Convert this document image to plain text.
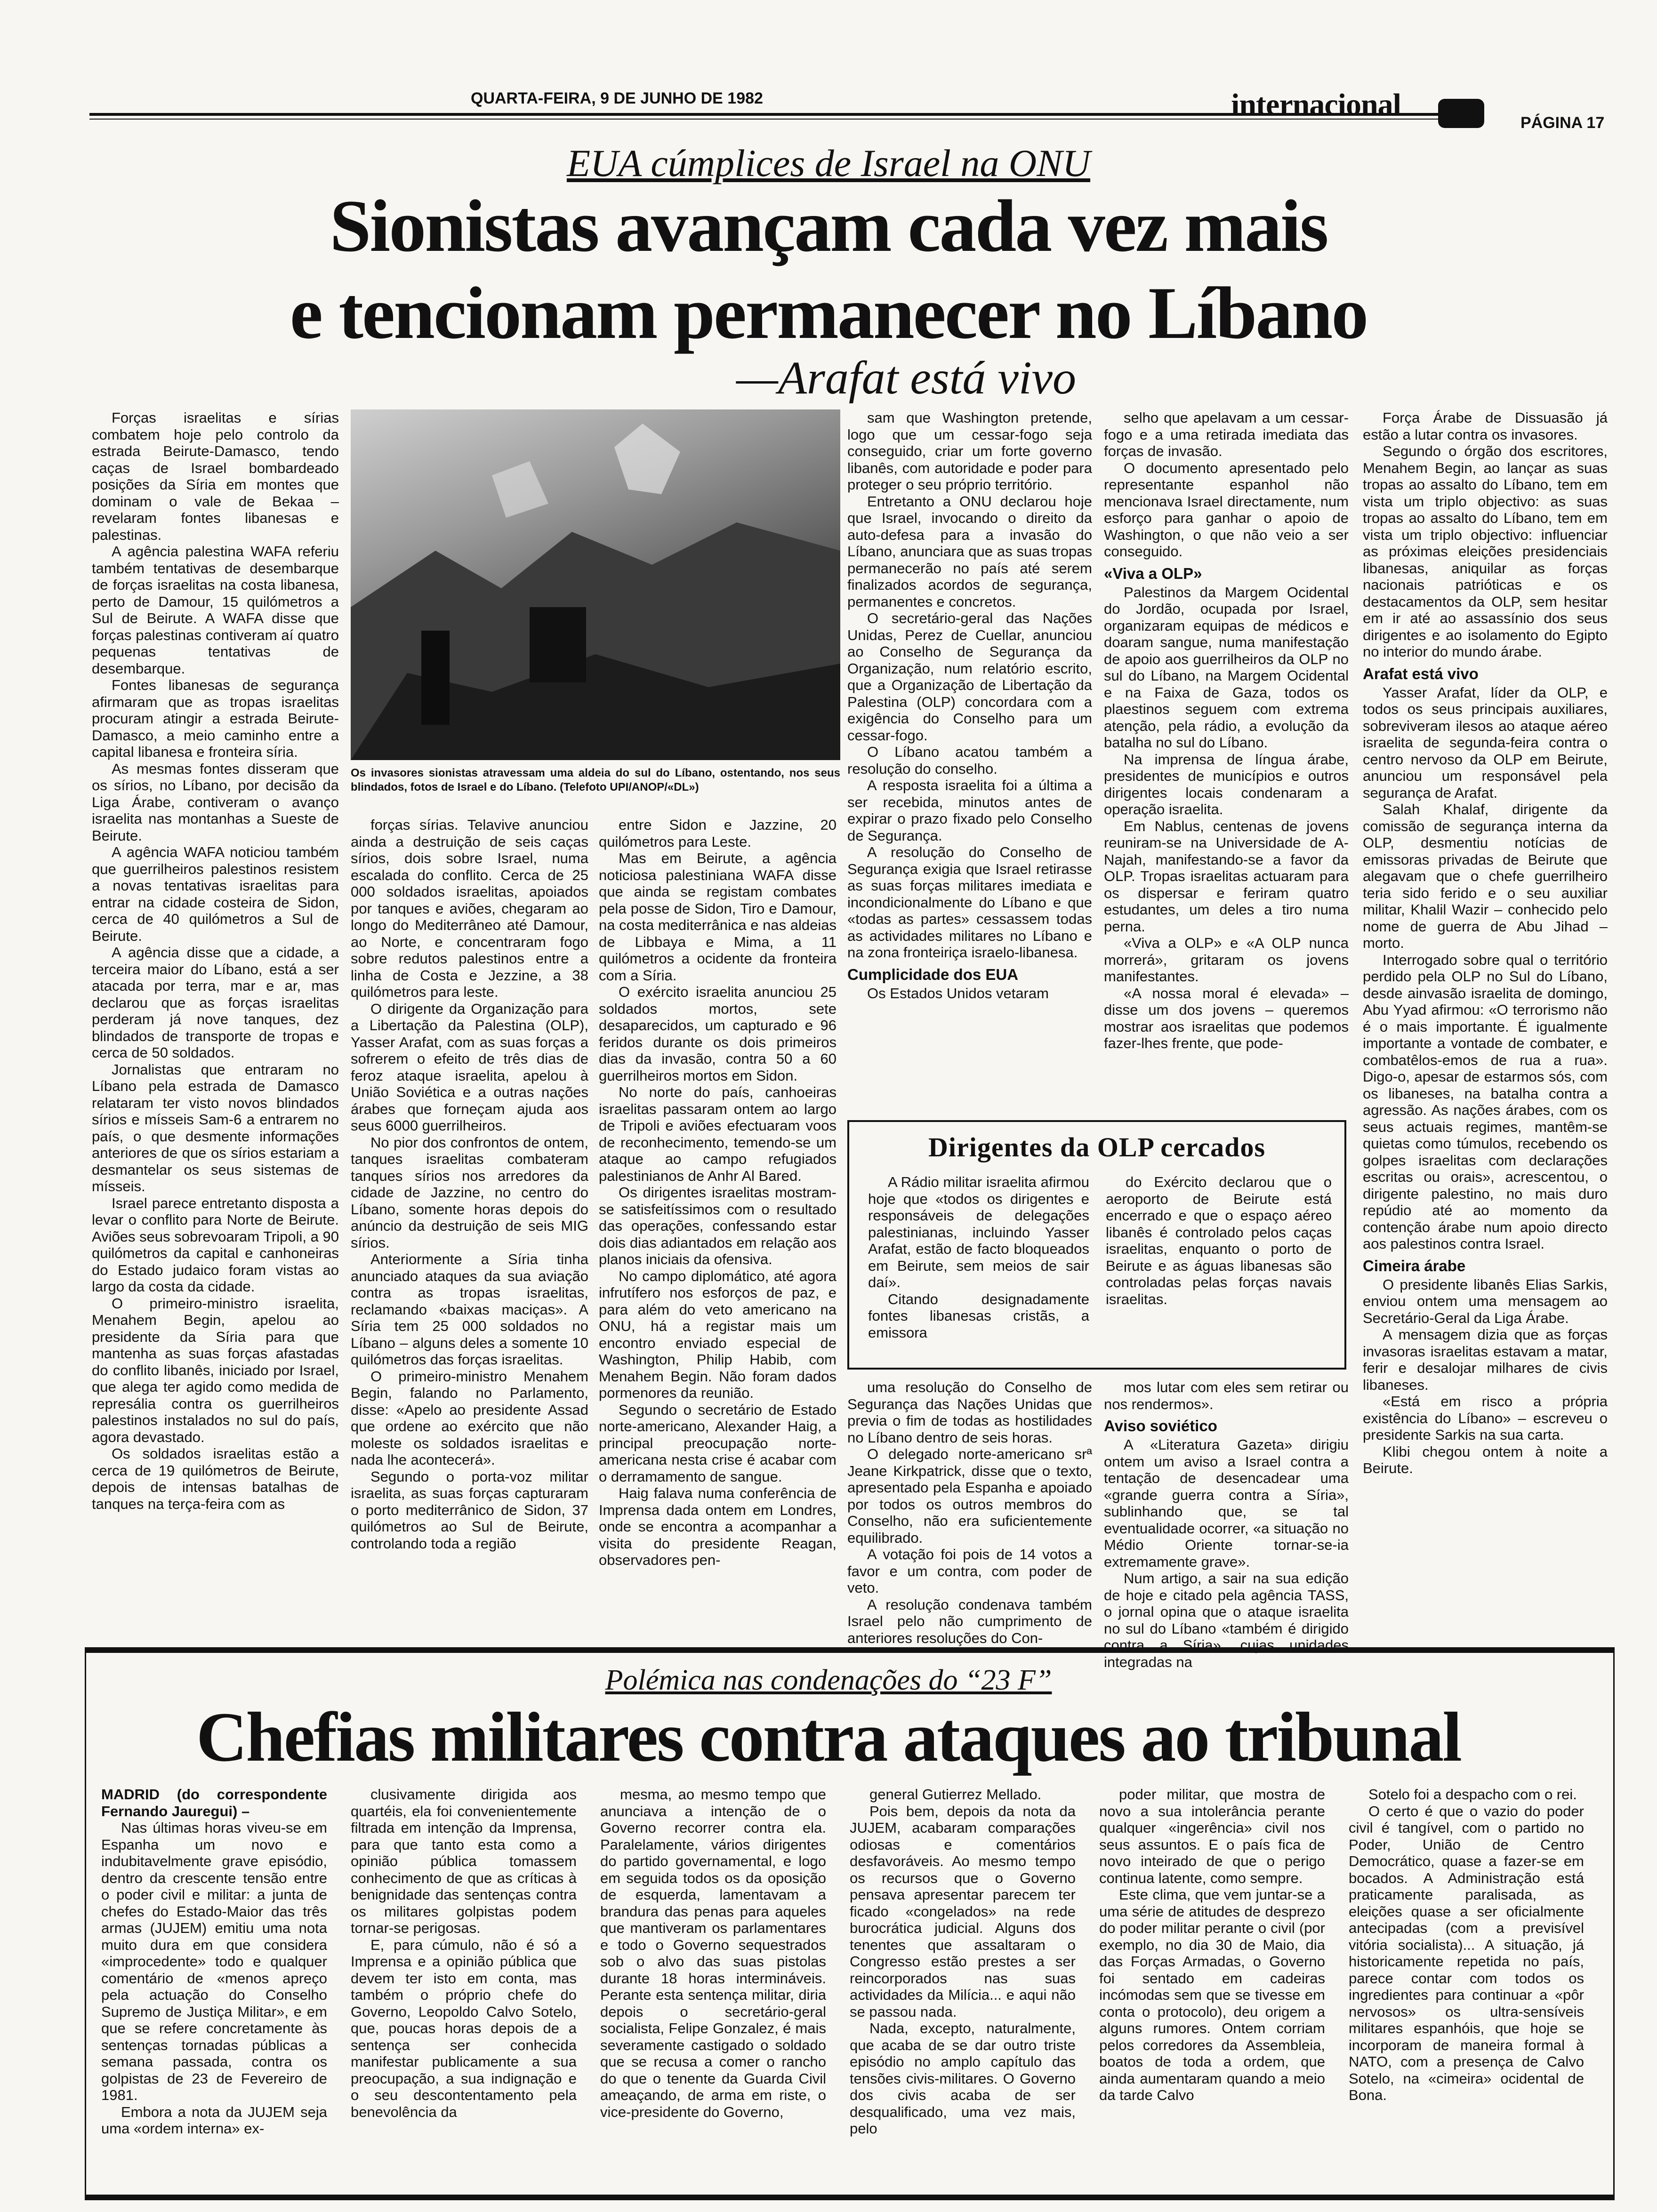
QUARTA-FEIRA, 9 DE JUNHO DE 1982	internacional
PÁGINA 17
EUA cúmplices de Israel na ONU
Sionistas avançam cada vez mais
e tencionam permanecer no Líbano
—Arafat está vivo
Os invasores sionistas atravessam uma aldeia do sul do Líbano, ostentando, nos seus blindados, fotos de Israel e do Líbano. (Telefoto UPI/ANOP/«DL»)

Forças israelitas e sírias combatem hoje pelo controlo da estrada Beirute-Damasco, tendo caças de Israel bombardeado posições da Síria em montes que dominam o vale de Bekaa – revelaram fontes libanesas e palestinas.

A agência palestina WAFA referiu também tentativas de desembarque de forças israelitas na costa libanesa, perto de Damour, 15 quilómetros a Sul de Beirute. A WAFA disse que forças palestinas contiveram aí quatro pequenas tentativas de desembarque.

Fontes libanesas de segurança afirmaram que as tropas israelitas procuram atingir a estrada Beirute-Damasco, a meio caminho entre a capital libanesa e fronteira síria.

As mesmas fontes disseram que os sírios, no Líbano, por decisão da Liga Árabe, contiveram o avanço israelita nas montanhas a Sueste de Beirute.

A agência WAFA noticiou também que guerrilheiros palestinos resistem a novas tentativas israelitas para entrar na cidade costeira de Sidon, cerca de 40 quilómetros a Sul de Beirute.

A agência disse que a cidade, a terceira maior do Líbano, está a ser atacada por terra, mar e ar, mas declarou que as forças israelitas perderam já nove tanques, dez blindados de transporte de tropas e cerca de 50 soldados.

Jornalistas que entraram no Líbano pela estrada de Damasco relataram ter visto novos blindados sírios e mísseis Sam-6 a entrarem no país, o que desmente informações anteriores de que os sírios estariam a desmantelar os seus sistemas de mísseis.

Israel parece entretanto disposta a levar o conflito para Norte de Beirute. Aviões seus sobrevoaram Tripoli, a 90 quilómetros da capital e canhoneiras do Estado judaico foram vistas ao largo da costa da cidade.

O primeiro-ministro israelita, Menahem Begin, apelou ao presidente da Síria para que mantenha as suas forças afastadas do conflito libanês, iniciado por Israel, que alega ter agido como medida de represália contra os guerrilheiros palestinos instalados no sul do país, agora devastado.

Os soldados israelitas estão a cerca de 19 quilómetros de Beirute, depois de intensas batalhas de tanques na terça-feira com as

forças sírias. Telavive anunciou ainda a destruição de seis caças sírios, dois sobre Israel, numa escalada do conflito. Cerca de 25 000 soldados israelitas, apoiados por tanques e aviões, chegaram ao longo do Mediterrâneo até Damour, ao Norte, e concentraram fogo sobre redutos palestinos entre a linha de Costa e Jezzine, a 38 quilómetros para leste.

O dirigente da Organização para a Libertação da Palestina (OLP), Yasser Arafat, com as suas forças a sofrerem o efeito de três dias de feroz ataque israelita, apelou à União Soviética e a outras nações árabes que forneçam ajuda aos seus 6000 guerrilheiros.

No pior dos confrontos de ontem, tanques israelitas combateram tanques sírios nos arredores da cidade de Jazzine, no centro do Líbano, somente horas depois do anúncio da destruição de seis MIG sírios.

Anteriormente a Síria tinha anunciado ataques da sua aviação contra as tropas israelitas, reclamando «baixas maciças». A Síria tem 25 000 soldados no Líbano – alguns deles a somente 10 quilómetros das forças israelitas.

O primeiro-ministro Menahem Begin, falando no Parlamento, disse: «Apelo ao presidente Assad que ordene ao exército que não moleste os soldados israelitas e nada lhe acontecerá».

Segundo o porta-voz militar israelita, as suas forças capturaram o porto mediterrânico de Sidon, 37 quilómetros ao Sul de Beirute, controlando toda a região

entre Sidon e Jazzine, 20 quilómetros para Leste.

Mas em Beirute, a agência noticiosa palestiniana WAFA disse que ainda se registam combates pela posse de Sidon, Tiro e Damour, na costa mediterrânica e nas aldeias de Libbaya e Mima, a 11 quilómetros a ocidente da fronteira com a Síria.

O exército israelita anunciou 25 soldados mortos, sete desaparecidos, um capturado e 96 feridos durante os dois primeiros dias da invasão, contra 50 a 60 guerrilheiros mortos em Sidon.

No norte do país, canhoeiras israelitas passaram ontem ao largo de Tripoli e aviões efectuaram voos de reconhecimento, temendo-se um ataque ao campo refugiados palestinianos de Anhr Al Bared.

Os dirigentes israelitas mostram-se satisfeitíssimos com o resultado das operações, confessando estar dois dias adiantados em relação aos planos iniciais da ofensiva.

No campo diplomático, até agora infrutífero nos esforços de paz, e para além do veto americano na ONU, há a registar mais um encontro enviado especial de Washington, Philip Habib, com Menahem Begin. Não foram dados pormenores da reunião.

Segundo o secretário de Estado norte-americano, Alexander Haig, a principal preocupação norte-americana nesta crise é acabar com o derramamento de sangue.

Haig falava numa conferência de Imprensa dada ontem em Londres, onde se encontra a acompanhar a visita do presidente Reagan, observadores pen-

sam que Washington pretende, logo que um cessar-fogo seja conseguido, criar um forte governo libanês, com autoridade e poder para proteger o seu próprio território.

Entretanto a ONU declarou hoje que Israel, invocando o direito da auto-defesa para a invasão do Líbano, anunciara que as suas tropas permanecerão no país até serem finalizados acordos de segurança, permanentes e concretos.

O secretário-geral das Nações Unidas, Perez de Cuellar, anunciou ao Conselho de Segurança da Organização, num relatório escrito, que a Organização de Libertação da Palestina (OLP) concordara com a exigência do Conselho para um cessar-fogo.

O Líbano acatou também a resolução do conselho.

A resposta israelita foi a última a ser recebida, minutos antes de expirar o prazo fixado pelo Conselho de Segurança.

A resolução do Conselho de Segurança exigia que Israel retirasse as suas forças militares imediata e incondicionalmente do Líbano e que «todas as partes» cessassem todas as actividades militares no Líbano e na zona fronteiriça israelo-libanesa.

Cumplicidade dos EUA

Os Estados Unidos vetaram

selho que apelavam a um cessar-fogo e a uma retirada imediata das forças de invasão.

O documento apresentado pelo representante espanhol não mencionava Israel directamente, num esforço para ganhar o apoio de Washington, o que não veio a ser conseguido.

«Viva a OLP»

Palestinos da Margem Ocidental do Jordão, ocupada por Israel, organizaram equipas de médicos e doaram sangue, numa manifestação de apoio aos guerrilheiros da OLP no sul do Líbano, na Margem Ocidental e na Faixa de Gaza, todos os plaestinos seguem com extrema atenção, pela rádio, a evolução da batalha no sul do Líbano.

Na imprensa de língua árabe, presidentes de municípios e outros dirigentes locais condenaram a operação israelita.

Em Nablus, centenas de jovens reuniram-se na Universidade de A-Najah, manifestando-se a favor da OLP. Tropas israelitas actuaram para os dispersar e feriram quatro estudantes, um deles a tiro numa perna.

«Viva a OLP» e «A OLP nunca morrerá», gritaram os jovens manifestantes.

«A nossa moral é elevada» – disse um dos jovens – queremos mostrar aos israelitas que podemos fazer-lhes frente, que pode-

Dirigentes da OLP cercados

A Rádio militar israelita afirmou hoje que «todos os dirigentes e responsáveis de delegações palestinianas, incluindo Yasser Arafat, estão de facto bloqueados em Beirute, sem meios de sair daí».

Citando designadamente fontes libanesas cristãs, a emissora

do Exército declarou que o aeroporto de Beirute está encerrado e que o espaço aéreo libanês é controlado pelos caças israelitas, enquanto o porto de Beirute e as águas libanesas são controladas pelas forças navais israelitas.

uma resolução do Conselho de Segurança das Nações Unidas que previa o fim de todas as hostilidades no Líbano dentro de seis horas.

O delegado norte-americano srª Jeane Kirkpatrick, disse que o texto, apresentado pela Espanha e apoiado por todos os outros membros do Conselho, não era suficientemente equilibrado.

A votação foi pois de 14 votos a favor e um contra, com poder de veto.

A resolução condenava também Israel pelo não cumprimento de anteriores resoluções do Con-

mos lutar com eles sem retirar ou nos rendermos».

Aviso soviético

A «Literatura Gazeta» dirigiu ontem um aviso a Israel contra a tentação de desencadear uma «grande guerra contra a Síria», sublinhando que, se tal eventualidade ocorrer, «a situação no Médio Oriente tornar-se-ia extremamente grave».

Num artigo, a sair na sua edição de hoje e citado pela agência TASS, o jornal opina que o ataque israelita no sul do Líbano «também é dirigido contra a Síria», cujas unidades integradas na

Força Árabe de Dissuasão já estão a lutar contra os invasores.

Segundo o órgão dos escritores, Menahem Begin, ao lançar as suas tropas ao assalto do Líbano, tem em vista um triplo objectivo: as suas tropas ao assalto do Líbano, tem em vista um triplo objectivo: influenciar as próximas eleições presidenciais libanesas, aniquilar as forças nacionais patrióticas e os destacamentos da OLP, sem hesitar em ir até ao assassínio dos seus dirigentes e ao isolamento do Egipto no interior do mundo árabe.

Arafat está vivo

Yasser Arafat, líder da OLP, e todos os seus principais auxiliares, sobreviveram ilesos ao ataque aéreo israelita de segunda-feira contra o centro nervoso da OLP em Beirute, anunciou um responsável pela segurança de Arafat.

Salah Khalaf, dirigente da comissão de segurança interna da OLP, desmentiu notícias de emissoras privadas de Beirute que alegavam que o chefe guerrilheiro teria sido ferido e o seu auxiliar militar, Khalil Wazir – conhecido pelo nome de guerra de Abu Jihad – morto.

Interrogado sobre qual o território perdido pela OLP no Sul do Líbano, desde ainvasão israelita de domingo, Abu Yyad afirmou: «O terrorismo não é o mais importante. É igualmente importante a vontade de combater, e combatêlos-emos de rua a rua». Digo-o, apesar de estarmos sós, com os libaneses, na batalha contra a agressão. As nações árabes, com os seus actuais regimes, mantêm-se quietas como túmulos, recebendo os golpes israelitas com declarações escritas ou orais», acrescentou, o dirigente palestino, no mais duro repúdio até ao momento da contenção árabe num apoio directo aos palestinos contra Israel.

Cimeira árabe

O presidente libanês Elias Sarkis, enviou ontem uma mensagem ao Secretário-Geral da Liga Árabe.

A mensagem dizia que as forças invasoras israelitas estavam a matar, ferir e desalojar milhares de civis libaneses.

«Está em risco a própria existência do Líbano» – escreveu o presidente Sarkis na sua carta.

Klibi chegou ontem à noite a Beirute.

Polémica nas condenações do “23 F”
Chefias militares contra ataques ao tribunal
MADRID (do correspondente Fernando Jauregui) –

Nas últimas horas viveu-se em Espanha um novo e indubitavelmente grave episódio, dentro da crescente tensão entre o poder civil e militar: a junta de chefes do Estado-Maior das três armas (JUJEM) emitiu uma nota muito dura em que considera «improcedente» todo e qualquer comentário de «menos apreço pela actuação do Conselho Supremo de Justiça Militar», e em que se refere concretamente às sentenças tornadas públicas a semana passada, contra os golpistas de 23 de Fevereiro de 1981.

Embora a nota da JUJEM seja uma «ordem interna» ex-

clusivamente dirigida aos quartéis, ela foi convenientemente filtrada em intenção da Imprensa, para que tanto esta como a opinião pública tomassem conhecimento de que as críticas à benignidade das sentenças contra os militares golpistas podem tornar-se perigosas.

E, para cúmulo, não é só a Imprensa e a opinião pública que devem ter isto em conta, mas também o próprio chefe do Governo, Leopoldo Calvo Sotelo, que, poucas horas depois de a sentença ser conhecida manifestar publicamente a sua preocupação, a sua indignação e o seu descontentamento pela benevolência da

mesma, ao mesmo tempo que anunciava a intenção de o Governo recorrer contra ela. Paralelamente, vários dirigentes do partido governamental, e logo em seguida todos os da oposição de esquerda, lamentavam a brandura das penas para aqueles que mantiveram os parlamentares e todo o Governo sequestrados sob o alvo das suas pistolas durante 18 horas intermináveis. Perante esta sentença militar, diria depois o secretário-geral socialista, Felipe Gonzalez, é mais severamente castigado o soldado que se recusa a comer o rancho do que o tenente da Guarda Civil ameaçando, de arma em riste, o vice-presidente do Governo,

general Gutierrez Mellado.

Pois bem, depois da nota da JUJEM, acabaram comparações odiosas e comentários desfavoráveis. Ao mesmo tempo os recursos que o Governo pensava apresentar parecem ter ficado «congelados» na rede burocrática judicial. Alguns dos tenentes que assaltaram o Congresso estão prestes a ser reincorporados nas suas actividades da Milícia... e aqui não se passou nada.

Nada, excepto, naturalmente, que acaba de se dar outro triste episódio no amplo capítulo das tensões civis-militares. O Governo dos civis acaba de ser desqualificado, uma vez mais, pelo

poder militar, que mostra de novo a sua intolerância perante qualquer «ingerência» civil nos seus assuntos. E o país fica de novo inteirado de que o perigo continua latente, como sempre.

Este clima, que vem juntar-se a uma série de atitudes de desprezo do poder militar perante o civil (por exemplo, no dia 30 de Maio, dia das Forças Armadas, o Governo foi sentado em cadeiras incómodas sem que se tivesse em conta o protocolo), deu origem a alguns rumores. Ontem corriam pelos corredores da Assembleia, boatos de toda a ordem, que ainda aumentaram quando a meio da tarde Calvo

Sotelo foi a despacho com o rei.

O certo é que o vazio do poder civil é tangível, com o partido no Poder, União de Centro Democrático, quase a fazer-se em bocados. A Administração está praticamente paralisada, as eleições quase a ser oficialmente antecipadas (com a previsível vitória socialista)... A situação, já historicamente repetida no país, parece contar com todos os ingredientes para continuar a «pôr nervosos» os ultra-sensíveis militares espanhóis, que hoje se incorporam de maneira formal à NATO, com a presença de Calvo Sotelo, na «cimeira» ocidental de Bona.
